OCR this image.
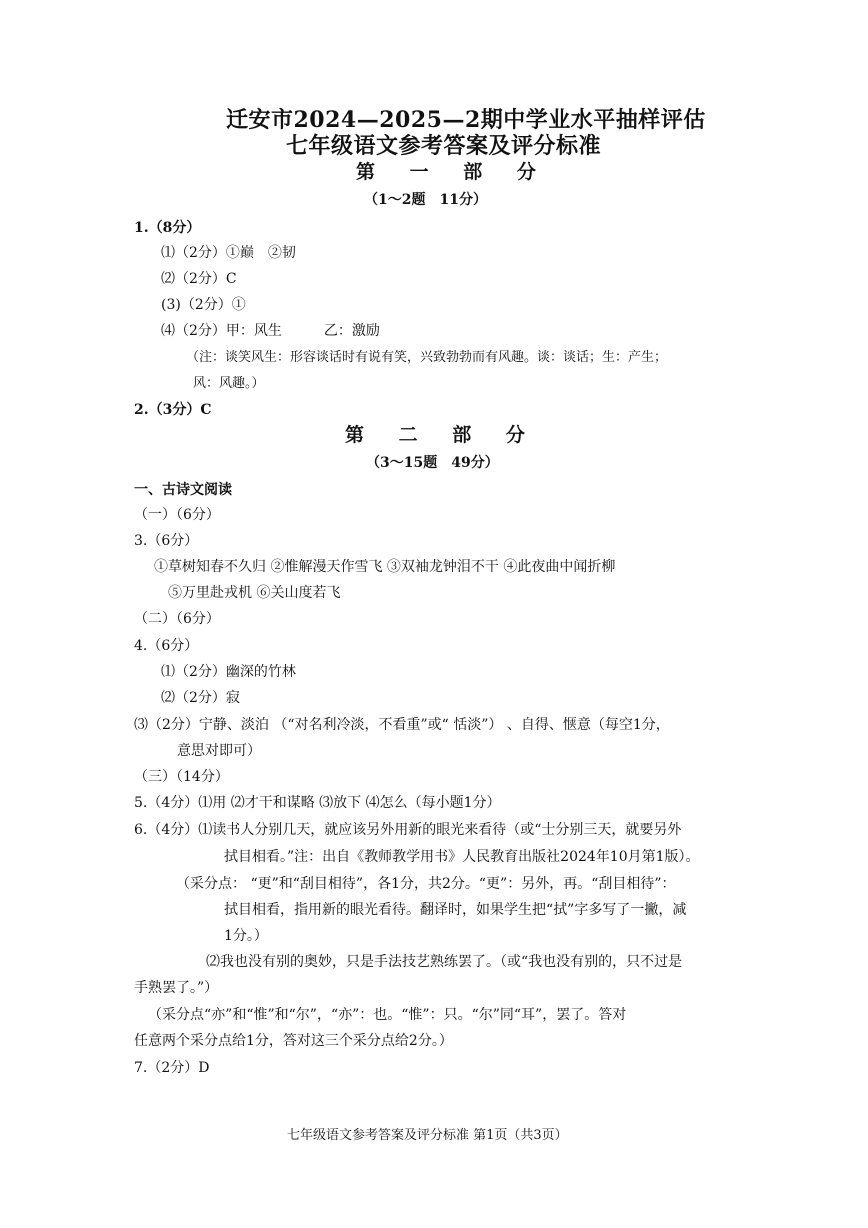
迁安市2024—2025—2期中学业水平抽样评估
七年级语文参考答案及评分标准
第 一 部 分
（1～2题　11分）
1.（8分）
⑴（2分）①巅　②韧
⑵（2分）C
(3)（2分）①
⑷（2分）甲：风生　　　乙：激励
（注：谈笑风生：形容谈话时有说有笑，兴致勃勃而有风趣。谈：谈话；生：产生；
风：风趣。）
2.（3分）C
第 二 部 分
（3～15题　49分）
一、古诗文阅读
（一）（6分）
3.（6分）
①草树知春不久归 ②惟解漫天作雪飞 ③双袖龙钟泪不干 ④此夜曲中闻折柳
⑤万里赴戎机 ⑥关山度若飞
（二）（6分）
4.（6分）
⑴（2分）幽深的竹林
⑵（2分）寂
⑶（2分）宁静、淡泊 （“对名利冷淡，不看重”或“ 恬淡”） 、自得、惬意（每空1分，
意思对即可）
（三）（14分）
5.（4分）⑴用 ⑵才干和谋略 ⑶放下 ⑷怎么（每小题1分）
6.（4分）⑴读书人分别几天，就应该另外用新的眼光来看待（或“士分别三天，就要另外
拭目相看。”注：出自《教师教学用书》人民教育出版社2024年10月第1版）。
（采分点： “更”和“刮目相待”，各1分，共2分。“更”：另外，再。“刮目相待”：
拭目相看，指用新的眼光看待。翻译时，如果学生把“拭”字多写了一撇，减
1分。）
⑵我也没有别的奥妙，只是手法技艺熟练罢了。（或“我也没有别的，只不过是
手熟罢了。”）
（采分点“亦”和“惟”和“尔”，“亦”：也。“惟”：只。“尔”同“耳”，罢了。答对
任意两个采分点给1分，答对这三个采分点给2分。）
7.（2分）D
七年级语文参考答案及评分标准 第1页（共3页）
